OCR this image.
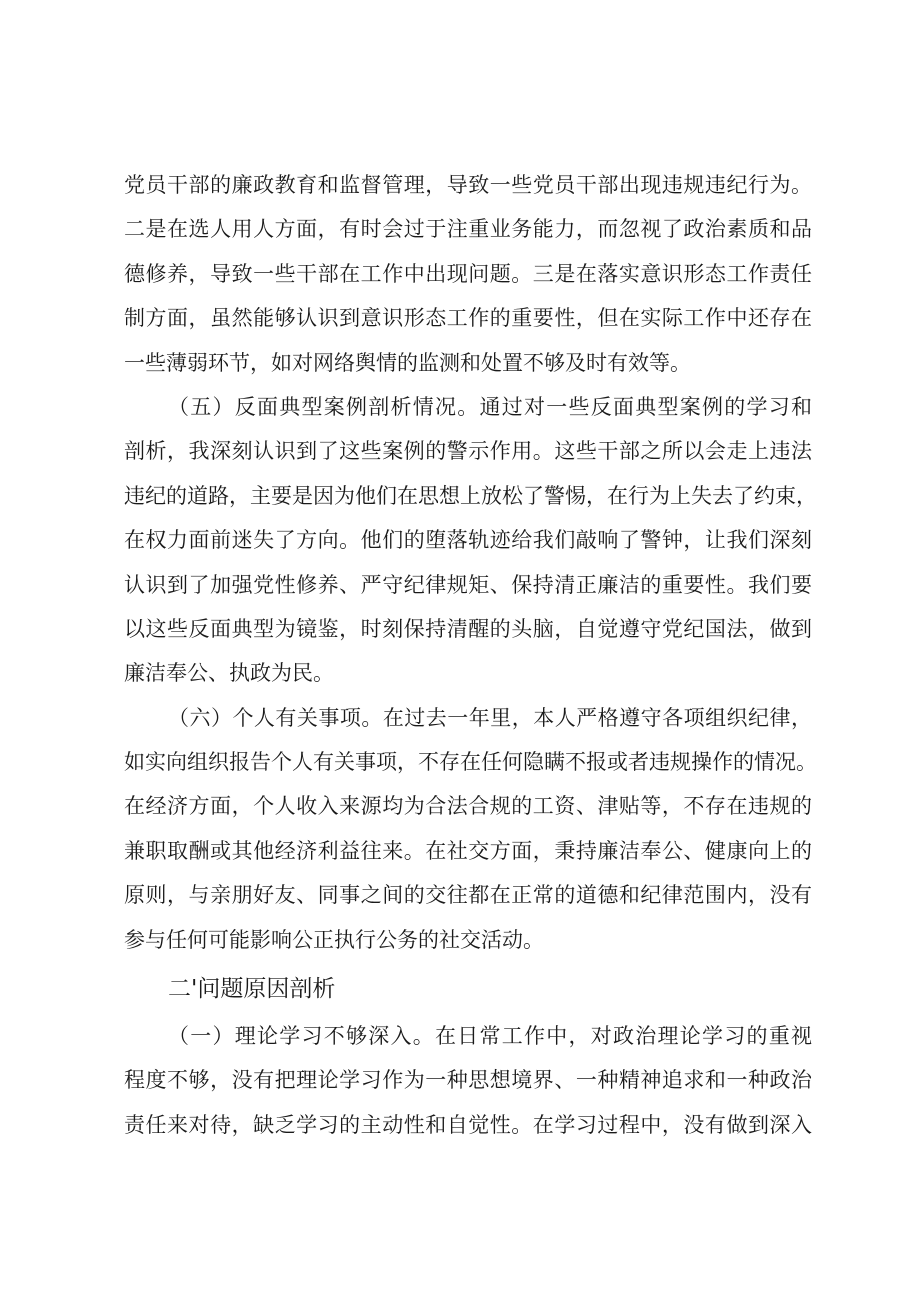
党员干部的廉政教育和监督管理，导致一些党员干部出现违规违纪行为。
二是在选人用人方面，有时会过于注重业务能力，而忽视了政治素质和品
德修养，导致一些干部在工作中出现问题。三是在落实意识形态工作责任
制方面，虽然能够认识到意识形态工作的重要性，但在实际工作中还存在
一些薄弱环节，如对网络舆情的监测和处置不够及时有效等。
（五）反面典型案例剖析情况。通过对一些反面典型案例的学习和
剖析，我深刻认识到了这些案例的警示作用。这些干部之所以会走上违法
违纪的道路，主要是因为他们在思想上放松了警惕，在行为上失去了约束，
在权力面前迷失了方向。他们的堕落轨迹给我们敲响了警钟，让我们深刻
认识到了加强党性修养、严守纪律规矩、保持清正廉洁的重要性。我们要
以这些反面典型为镜鉴，时刻保持清醒的头脑，自觉遵守党纪国法，做到
廉洁奉公、执政为民。
（六）个人有关事项。在过去一年里，本人严格遵守各项组织纪律，
如实向组织报告个人有关事项，不存在任何隐瞒不报或者违规操作的情况。
在经济方面，个人收入来源均为合法合规的工资、津贴等，不存在违规的
兼职取酬或其他经济利益往来。在社交方面，秉持廉洁奉公、健康向上的
原则，与亲朋好友、同事之间的交往都在正常的道德和纪律范围内，没有
参与任何可能影响公正执行公务的社交活动。
二'问题原因剖析
（一）理论学习不够深入。在日常工作中，对政治理论学习的重视
程度不够，没有把理论学习作为一种思想境界、一种精神追求和一种政治
责任来对待，缺乏学习的主动性和自觉性。在学习过程中，没有做到深入
